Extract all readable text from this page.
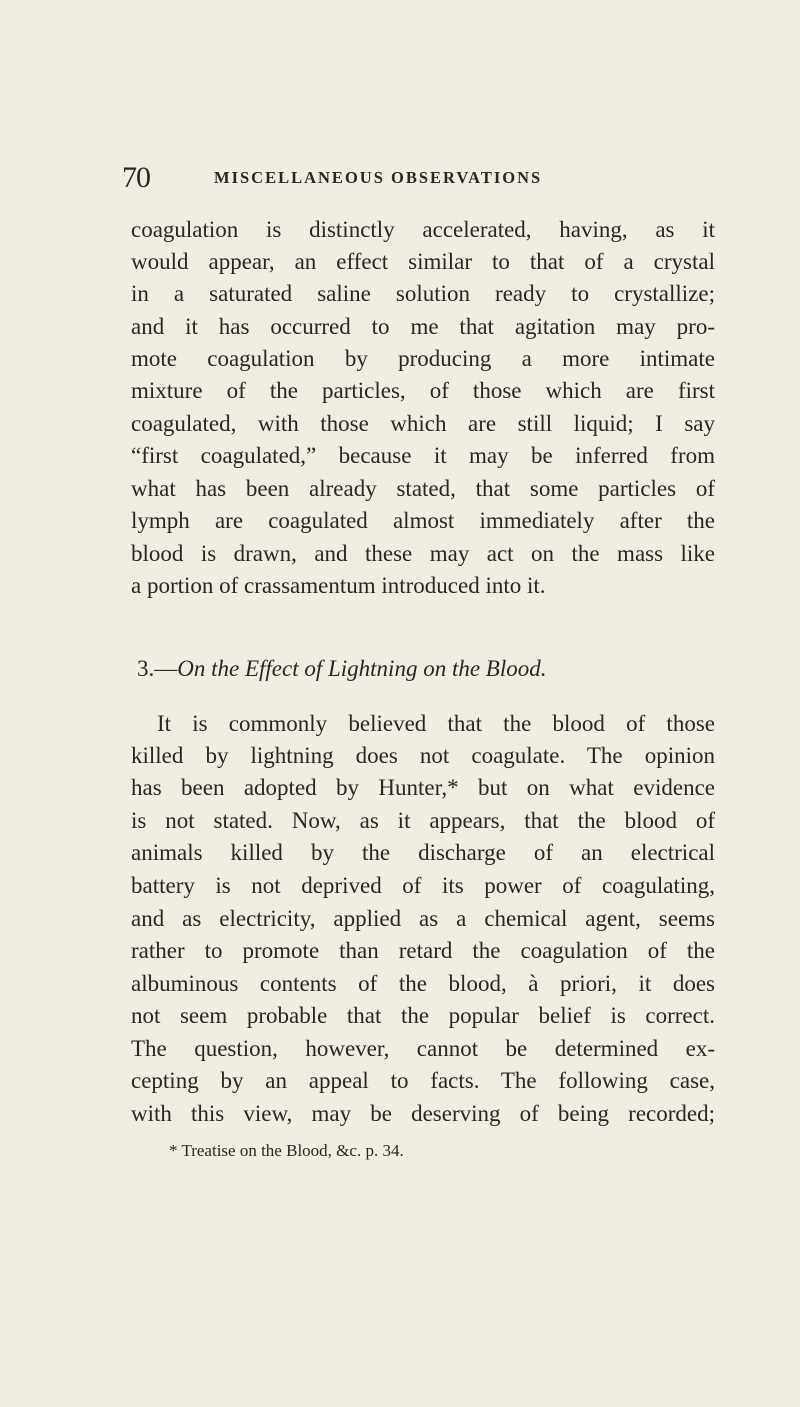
70	MISCELLANEOUS OBSERVATIONS
coagulation is distinctly accelerated, having, as it
would appear, an effect similar to that of a crystal
in a saturated saline solution ready to crystallize;
and it has occurred to me that agitation may pro-
mote coagulation by producing a more intimate
mixture of the particles, of those which are first
coagulated, with those which are still liquid; I say
“first coagulated,” because it may be inferred from
what has been already stated, that some particles of
lymph are coagulated almost immediately after the
blood is drawn, and these may act on the mass like
a portion of crassamentum introduced into it.
3.—On the Effect of Lightning on the Blood.
It is commonly believed that the blood of those
killed by lightning does not coagulate. The opinion
has been adopted by Hunter,* but on what evidence
is not stated. Now, as it appears, that the blood of
animals killed by the discharge of an electrical
battery is not deprived of its power of coagulating,
and as electricity, applied as a chemical agent, seems
rather to promote than retard the coagulation of the
albuminous contents of the blood, à priori, it does
not seem probable that the popular belief is correct.
The question, however, cannot be determined ex-
cepting by an appeal to facts. The following case,
with this view, may be deserving of being recorded;
* Treatise on the Blood, &c. p. 34.
